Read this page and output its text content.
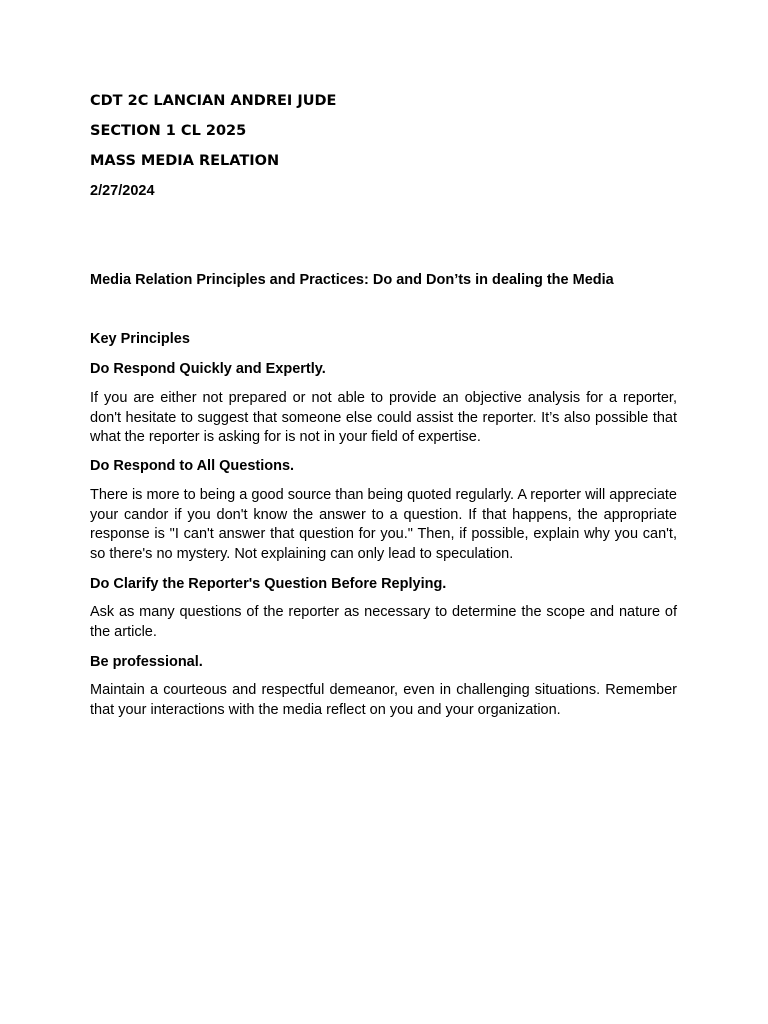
CDT 2C LANCIAN ANDREI JUDE
SECTION 1 CL 2025
MASS MEDIA RELATION
2/27/2024
Media Relation Principles and Practices: Do and Don’ts in dealing the Media
Key Principles
Do Respond Quickly and Expertly.
If you are either not prepared or not able to provide an objective analysis for a reporter, don't hesitate to suggest that someone else could assist the reporter. It’s also possible that what the reporter is asking for is not in your field of expertise.
Do Respond to All Questions.
There is more to being a good source than being quoted regularly. A reporter will appreciate your candor if you don't know the answer to a question. If that happens, the appropriate response is "I can't answer that question for you." Then, if possible, explain why you can't, so there's no mystery. Not explaining can only lead to speculation.
Do Clarify the Reporter's Question Before Replying.
Ask as many questions of the reporter as necessary to determine the scope and nature of the article.
Be professional.
Maintain a courteous and respectful demeanor, even in challenging situations. Remember that your interactions with the media reflect on you and your organization.
